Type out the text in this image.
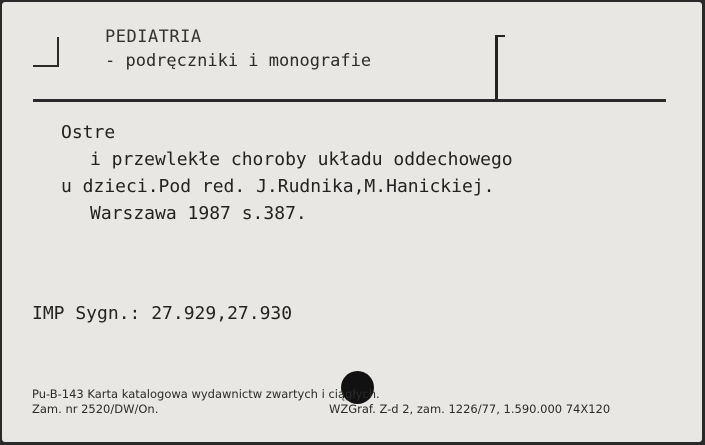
PEDIATRIA
- podręczniki i monografie
Ostre
i przewlekłe choroby układu oddechowego
u dzieci.Pod red. J.Rudnika,M.Hanickiej.
Warszawa 1987 s.387.
IMP Sygn.: 27.929,27.930
Pu-B-143 Karta katalogowa wydawnictw zwartych i ciągłych.
Zam. nr 2520/DW/On.	WZGraf. Z-d 2, zam. 1226/77, 1.590.000 74X120
